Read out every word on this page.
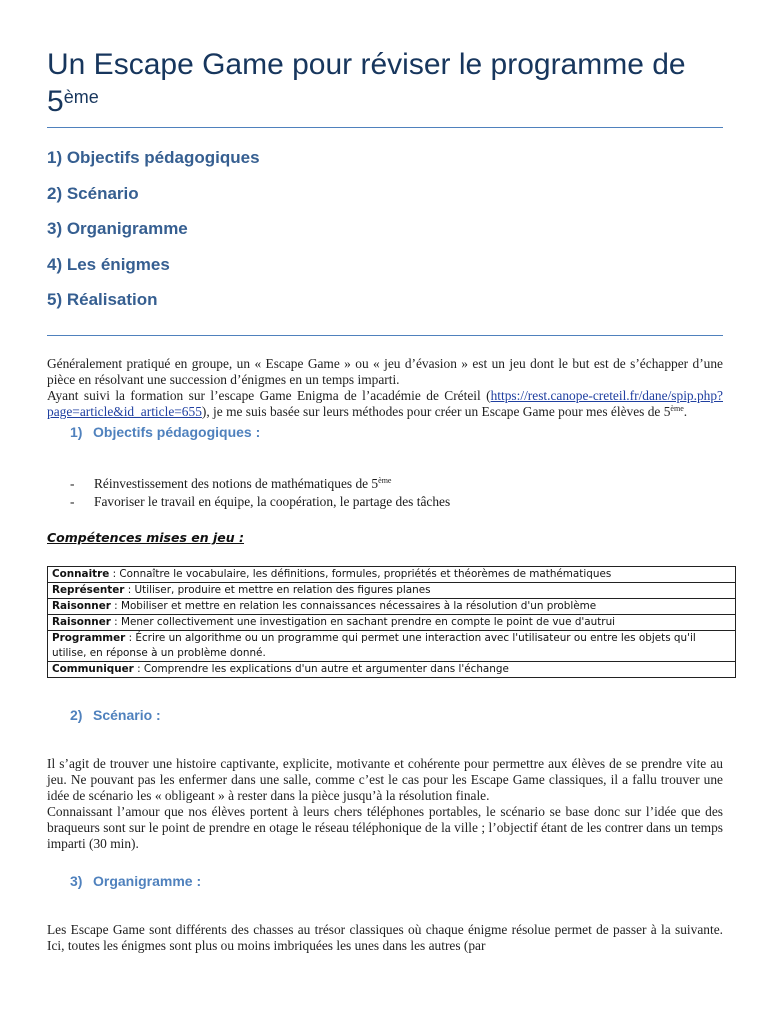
Un Escape Game pour réviser le programme de 5ème
1) Objectifs pédagogiques
2) Scénario
3) Organigramme
4) Les énigmes
5) Réalisation

Généralement pratiqué en groupe, un « Escape Game » ou « jeu d’évasion » est un jeu dont le but est de s’échapper d’une pièce en résolvant une succession d’énigmes en un temps imparti.
Ayant suivi la formation sur l’escape Game Enigma de l’académie de Créteil (https://rest.canope-creteil.fr/dane/spip.php?page=article&id_article=655), je me suis basée sur leurs méthodes pour créer un Escape Game pour mes élèves de 5ème.

1) Objectifs pédagogiques :
- Réinvestissement des notions de mathématiques de 5ème
- Favoriser le travail en équipe, la coopération, le partage des tâches

Compétences mises en jeu :

Connaitre : Connaître le vocabulaire, les définitions, formules, propriétés et théorèmes de mathématiques
Représenter : Utiliser, produire et mettre en relation des figures planes
Raisonner : Mobiliser et mettre en relation les connaissances nécessaires à la résolution d'un problème
Raisonner : Mener collectivement une investigation en sachant prendre en compte le point de vue d'autrui
Programmer : Écrire un algorithme ou un programme qui permet une interaction avec l'utilisateur ou entre les objets qu'il utilise, en réponse à un problème donné.
Communiquer : Comprendre les explications d'un autre et argumenter dans l'échange
2) Scénario :

Il s’agit de trouver une histoire captivante, explicite, motivante et cohérente pour permettre aux élèves de se prendre vite au jeu. Ne pouvant pas les enfermer dans une salle, comme c’est le cas pour les Escape Game classiques, il a fallu trouver une idée de scénario les « obligeant » à rester dans la pièce jusqu’à la résolution finale.
Connaissant l’amour que nos élèves portent à leurs chers téléphones portables, le scénario se base donc sur l’idée que des braqueurs sont sur le point de prendre en otage le réseau téléphonique de la ville ; l’objectif étant de les contrer dans un temps imparti (30 min).

3) Organigramme :

Les Escape Game sont différents des chasses au trésor classiques où chaque énigme résolue permet de passer à la suivante. Ici, toutes les énigmes sont plus ou moins imbriquées les unes dans les autres (par
